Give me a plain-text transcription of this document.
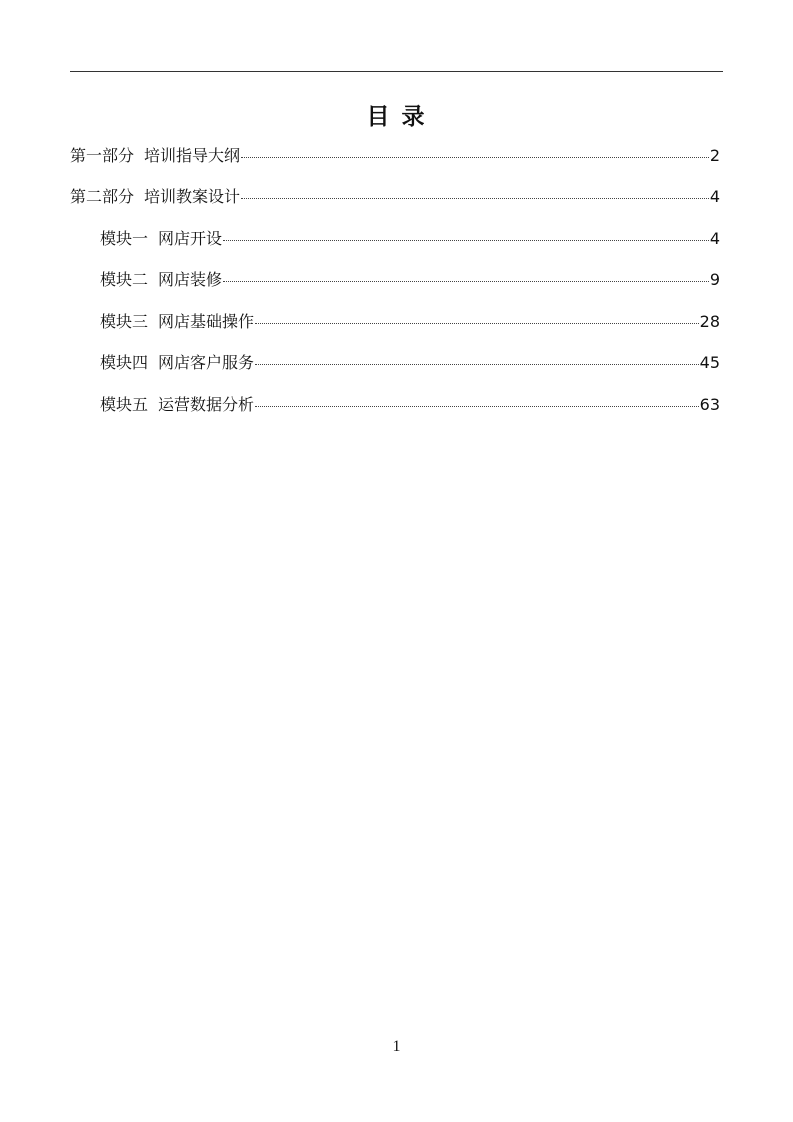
目 录
第一部分 培训指导大纲	2
第二部分 培训教案设计	4
模块一 网店开设	4
模块二 网店装修	9
模块三 网店基础操作	28
模块四 网店客户服务	45
模块五 运营数据分析	63
1
